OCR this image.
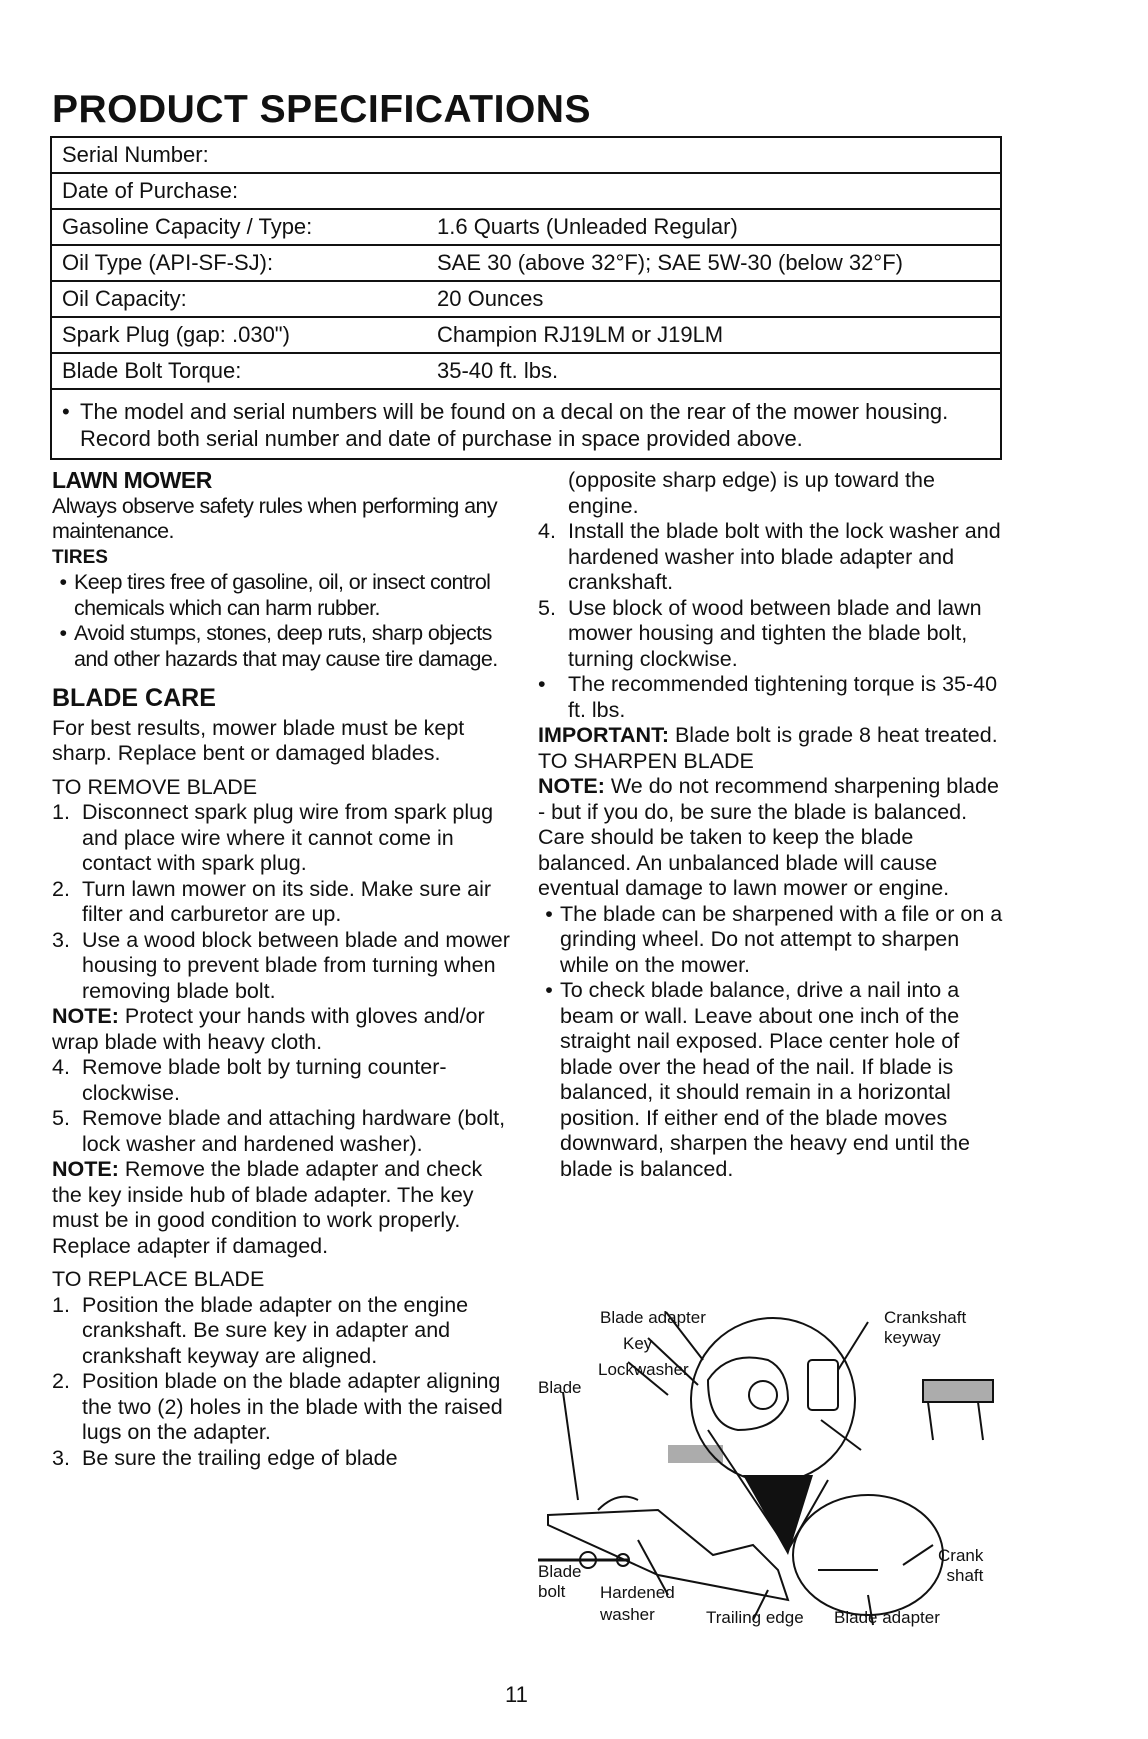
PRODUCT SPECIFICATIONS
Serial Number:
Date of Purchase:
Gasoline Capacity / Type:	1.6 Quarts (Unleaded Regular)
Oil Type (API-SF-SJ):	SAE 30 (above 32°F); SAE 5W-30 (below 32°F)
Oil Capacity:	20 Ounces
Spark Plug (gap: .030")	Champion RJ19LM or J19LM
Blade Bolt Torque:	35-40 ft. lbs.
• The model and serial numbers will be found on a decal on the rear of the mower housing. Record both serial number and date of purchase in space provided above.

LAWN MOWER

Always observe safety rules when performing any maintenance.

TIRES

• Keep tires free of gasoline, oil, or insect control chemicals which can harm rubber.
• Avoid stumps, stones, deep ruts, sharp objects and other hazards that may cause tire damage.

BLADE CARE

For best results, mower blade must be kept sharp. Replace bent or damaged blades.

TO REMOVE BLADE

1. Disconnect spark plug wire from spark plug and place wire where it cannot come in contact with spark plug.
2. Turn lawn mower on its side. Make sure air filter and carburetor are up.
3. Use a wood block between blade and mower housing to prevent blade from turning when removing blade bolt.

NOTE: Protect your hands with gloves and/or wrap blade with heavy cloth.

4. Remove blade bolt by turning counter-clockwise.
5. Remove blade and attaching hardware (bolt, lock washer and hardened washer).

NOTE: Remove the blade adapter and check the key inside hub of blade adapter. The key must be in good condition to work properly. Replace adapter if damaged.

TO REPLACE BLADE

1. Position the blade adapter on the engine crankshaft. Be sure key in adapter and crankshaft keyway are aligned.
2. Position blade on the blade adapter aligning the two (2) holes in the blade with the raised lugs on the adapter.
3. Be sure the trailing edge of blade

(opposite sharp edge) is up toward the engine.

4. Install the blade bolt with the lock washer and hardened washer into blade adapter and crankshaft.
5. Use block of wood between blade and lawn mower housing and tighten the blade bolt, turning clockwise.
•	The recommended tightening torque is 35-40 ft. lbs.

IMPORTANT: Blade bolt is grade 8 heat treated.

TO SHARPEN BLADE

NOTE: We do not recommend sharpening blade - but if you do, be sure the blade is balanced.

Care should be taken to keep the blade balanced. An unbalanced blade will cause eventual damage to lawn mower or engine.

• The blade can be sharpened with a file or on a grinding wheel. Do not attempt to sharpen while on the mower.
• To check blade balance, drive a nail into a beam or wall. Leave about one inch of the straight nail exposed. Place center hole of blade over the head of the nail. If blade is balanced, it should remain in a horizontal position. If either end of the blade moves downward, sharpen the heavy end until the blade is balanced.
Blade adapter	Crankshaft
keyway
Key
Lockwasher
Blade
Blade
bolt	Hardened
washer	Trailing edge Blade adapter
Crank
shaft
11
